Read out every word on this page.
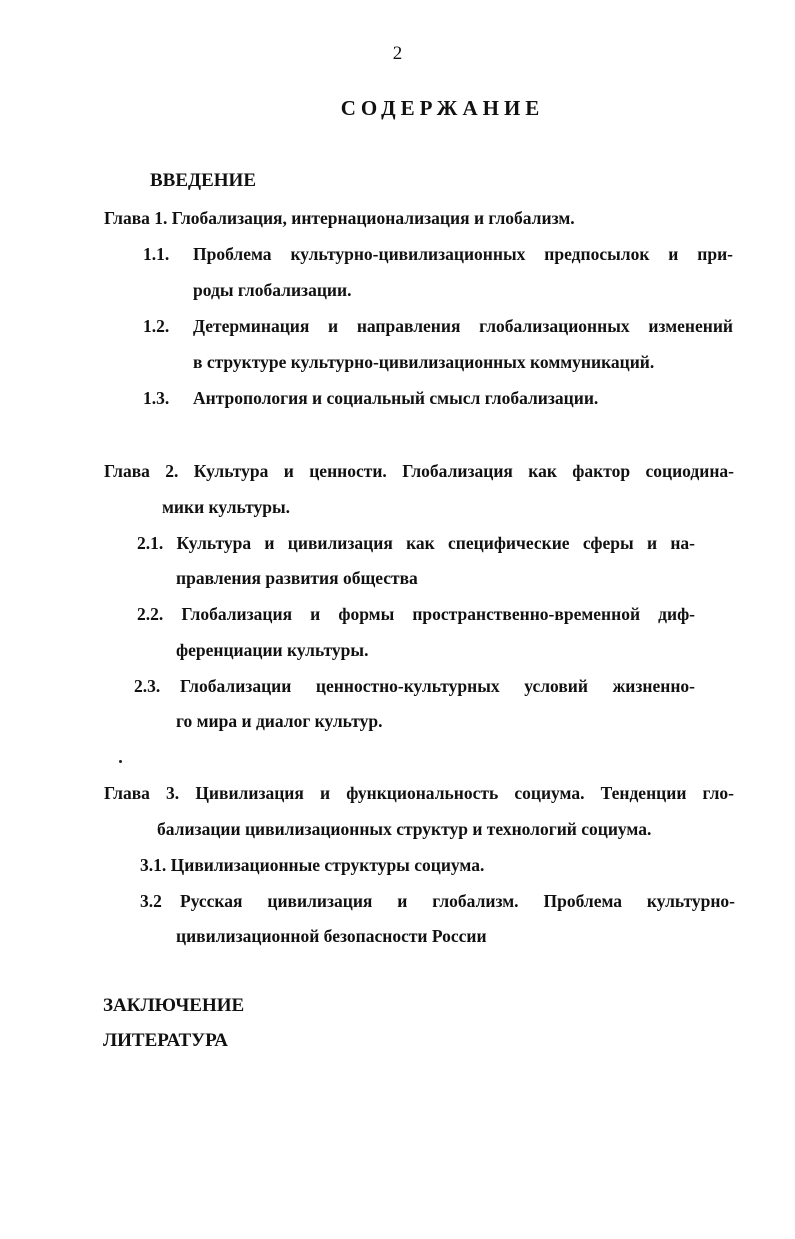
2
СОДЕРЖАНИЕ
ВВЕДЕНИЕ
Глава 1. Глобализация, интернационализация и глобализм.
1.1. Проблема культурно-цивилизационных предпосылок и при-
роды глобализации.
1.2. Детерминация и направления глобализационных изменений
в структуре культурно-цивилизационных коммуникаций.
1.3. Антропология и социальный смысл глобализации.
Глава 2. Культура и ценности. Глобализация как фактор социодина-
мики культуры.
2.1. Культура и цивилизация как специфические сферы и на-
правления развития общества
2.2. Глобализация и формы пространственно-временной диф-
ференциации культуры.
2.3. Глобализации ценностно-культурных условий жизненно-
го мира и диалог культур.
Глава 3. Цивилизация и функциональность социума. Тенденции гло-
бализации цивилизационных структур и технологий социума.
3.1. Цивилизационные структуры социума.
3.2 Русская цивилизация и глобализм. Проблема культурно-
цивилизационной безопасности России
ЗАКЛЮЧЕНИЕ
ЛИТЕРАТУРА
